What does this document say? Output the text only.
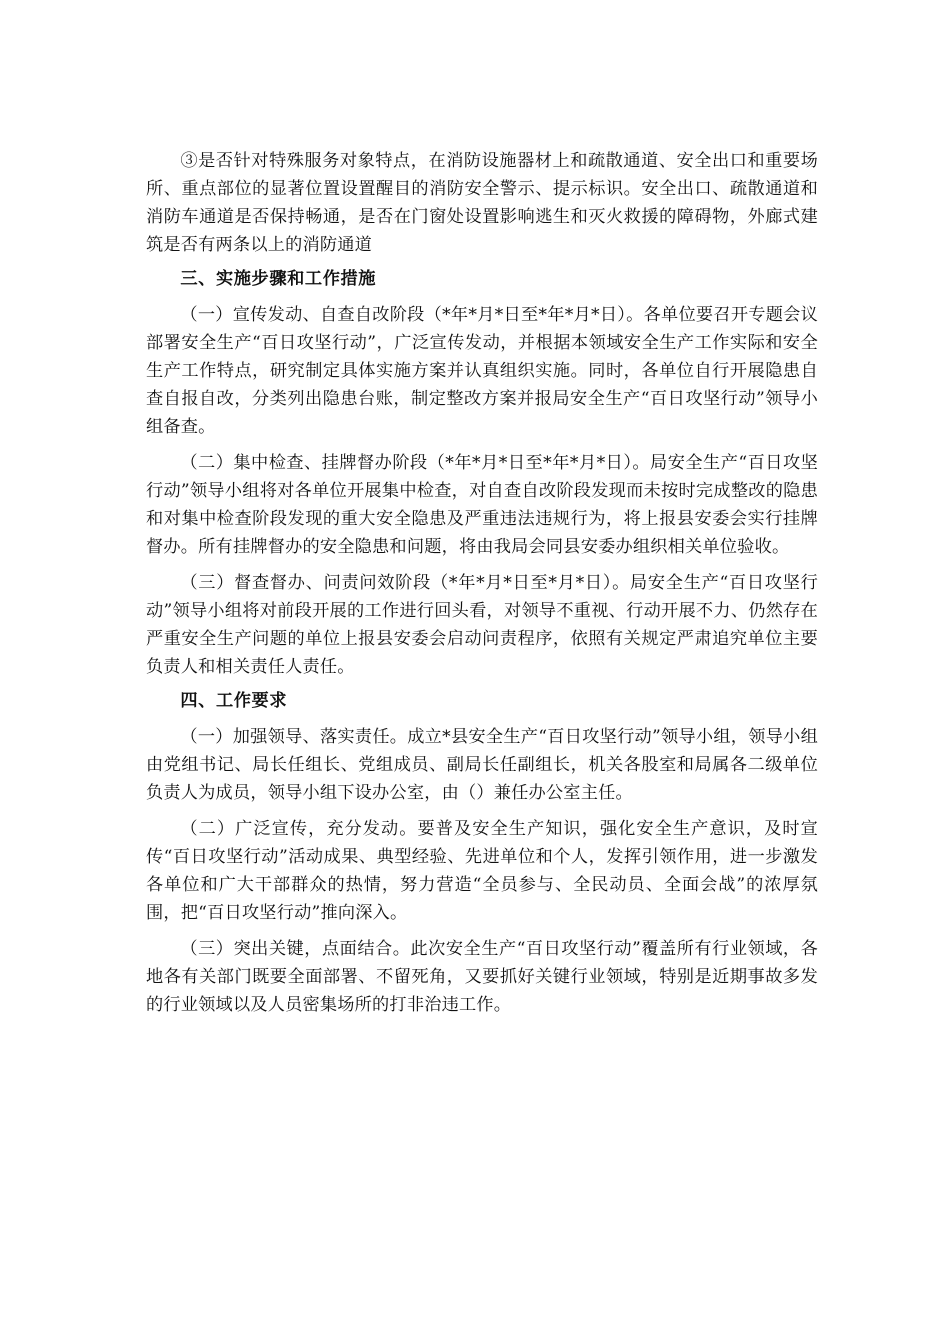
③是否针对特殊服务对象特点，在消防设施器材上和疏散通道、安全出口和重要场所、重点部位的显著位置设置醒目的消防安全警示、提示标识。安全出口、疏散通道和消防车通道是否保持畅通，是否在门窗处设置影响逃生和灭火救援的障碍物，外廊式建筑是否有两条以上的消防通道

三、实施步骤和工作措施

（一）宣传发动、自查自改阶段（*年*月*日至*年*月*日）。各单位要召开专题会议部署安全生产“百日攻坚行动”，广泛宣传发动，并根据本领域安全生产工作实际和安全生产工作特点，研究制定具体实施方案并认真组织实施。同时，各单位自行开展隐患自查自报自改，分类列出隐患台账，制定整改方案并报局安全生产“百日攻坚行动”领导小组备查。

（二）集中检查、挂牌督办阶段（*年*月*日至*年*月*日）。局安全生产“百日攻坚行动”领导小组将对各单位开展集中检查，对自查自改阶段发现而未按时完成整改的隐患和对集中检查阶段发现的重大安全隐患及严重违法违规行为，将上报县安委会实行挂牌督办。所有挂牌督办的安全隐患和问题，将由我局会同县安委办组织相关单位验收。

（三）督查督办、问责问效阶段（*年*月*日至*月*日）。局安全生产“百日攻坚行动”领导小组将对前段开展的工作进行回头看，对领导不重视、行动开展不力、仍然存在严重安全生产问题的单位上报县安委会启动问责程序，依照有关规定严肃追究单位主要负责人和相关责任人责任。

四、工作要求

（一）加强领导、落实责任。成立*县安全生产“百日攻坚行动”领导小组，领导小组由党组书记、局长任组长、党组成员、副局长任副组长，机关各股室和局属各二级单位负责人为成员，领导小组下设办公室，由（）兼任办公室主任。

（二）广泛宣传，充分发动。要普及安全生产知识，强化安全生产意识，及时宣传“百日攻坚行动”活动成果、典型经验、先进单位和个人，发挥引领作用，进一步激发各单位和广大干部群众的热情，努力营造“全员参与、全民动员、全面会战”的浓厚氛围，把“百日攻坚行动”推向深入。

（三）突出关键，点面结合。此次安全生产“百日攻坚行动”覆盖所有行业领域，各地各有关部门既要全面部署、不留死角，又要抓好关键行业领域，特别是近期事故多发的行业领域以及人员密集场所的打非治违工作。
